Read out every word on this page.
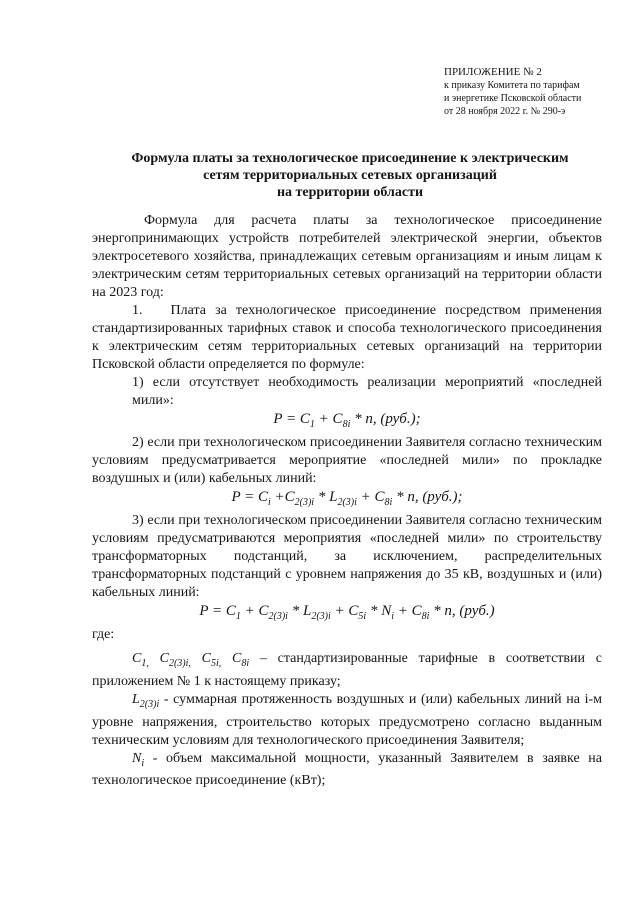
ПРИЛОЖЕНИЕ № 2
к приказу Комитета по тарифам
и энергетике Псковской области
от 28 ноября 2022 г. № 290-э
Формула платы за технологическое присоединение к электрическим
сетям территориальных сетевых организаций
на территории области

Формула для расчета платы за технологическое присоединение энергопринимающих устройств потребителей электрической энергии, объектов электросетевого хозяйства, принадлежащих сетевым организациям и иным лицам к электрическим сетям территориальных сетевых организаций на территории области на 2023 год:

1.  Плата за технологическое присоединение посредством применения стандартизированных тарифных ставок и способа технологического присоединения к электрическим сетям территориальных сетевых организаций на территории Псковской области определяется по формуле:

1) если отсутствует необходимость реализации мероприятий «последней мили»:

$P = C_1 + C_{8i} * n$, (руб.);

2) если при технологическом присоединении Заявителя согласно техническим условиям предусматривается мероприятие «последней мили» по прокладке воздушных и (или) кабельных линий:

$P = C_i +C_{2(3)i} * L_{2(3)i} + C_{8i} * n$, (руб.);

3) если при технологическом присоединении Заявителя согласно техническим условиям предусматриваются мероприятия «последней мили» по строительству трансформаторных подстанций, за исключением, распределительных трансформаторных подстанций с уровнем напряжения до 35 кВ, воздушных и (или) кабельных линий:

$P = C_1 + C_{2(3)i} * L_{2(3)i} + C_{5i} * N_i + C_{8i} * n$, (руб.)

где:

$C_{1,}$ $C_{2(3)i,}$ $C_{5i,}$ $C_{8i}$ – стандартизированные тарифные в соответствии с приложением № 1 к настоящему приказу;

$L_{2(3)i}$ - суммарная протяженность воздушных и (или) кабельных линий на i-м уровне напряжения, строительство которых предусмотрено согласно выданным техническим условиям для технологического присоединения Заявителя;

$N_i$ - объем максимальной мощности, указанный Заявителем в заявке на технологическое присоединение (кВт);
